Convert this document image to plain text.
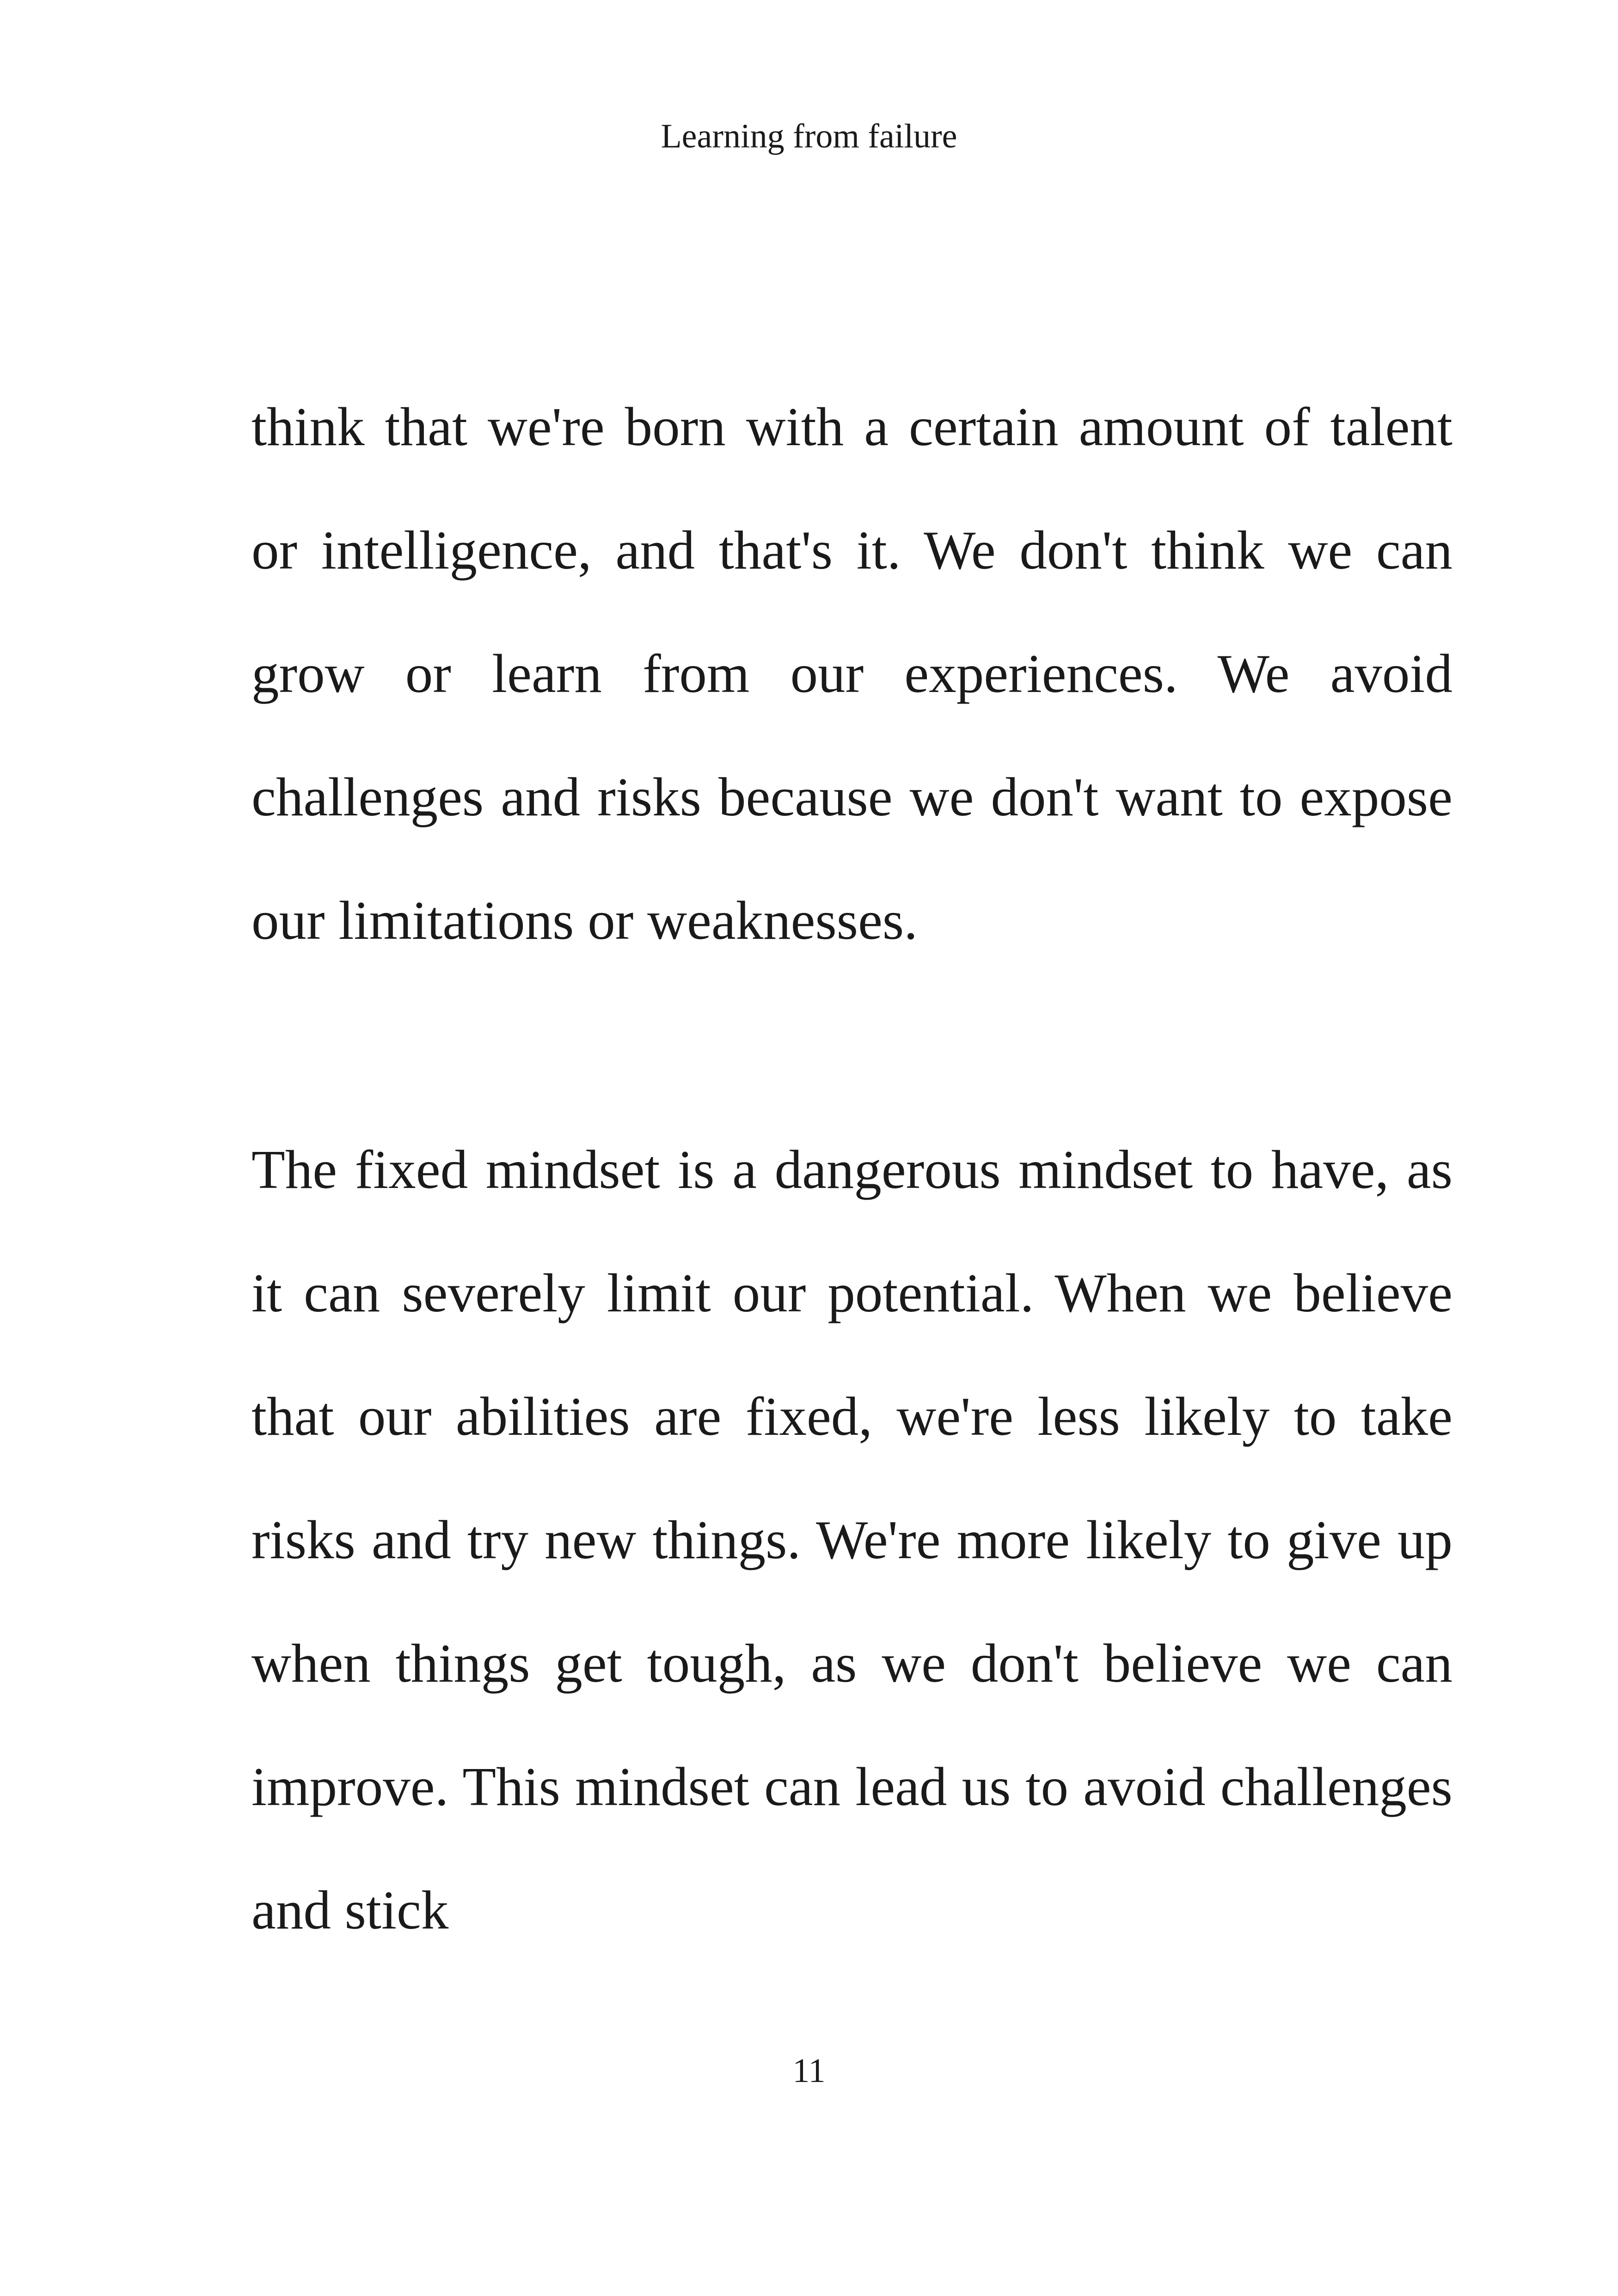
Learning from failure

think that we're born with a certain amount of talent or intelligence, and that's it. We don't think we can grow or learn from our experiences. We avoid challenges and risks because we don't want to expose our limitations or weaknesses.

The fixed mindset is a dangerous mindset to have, as it can severely limit our potential. When we believe that our abilities are fixed, we're less likely to take risks and try new things. We're more likely to give up when things get tough, as we don't believe we can improve. This mindset can lead us to avoid challenges and stick

11
